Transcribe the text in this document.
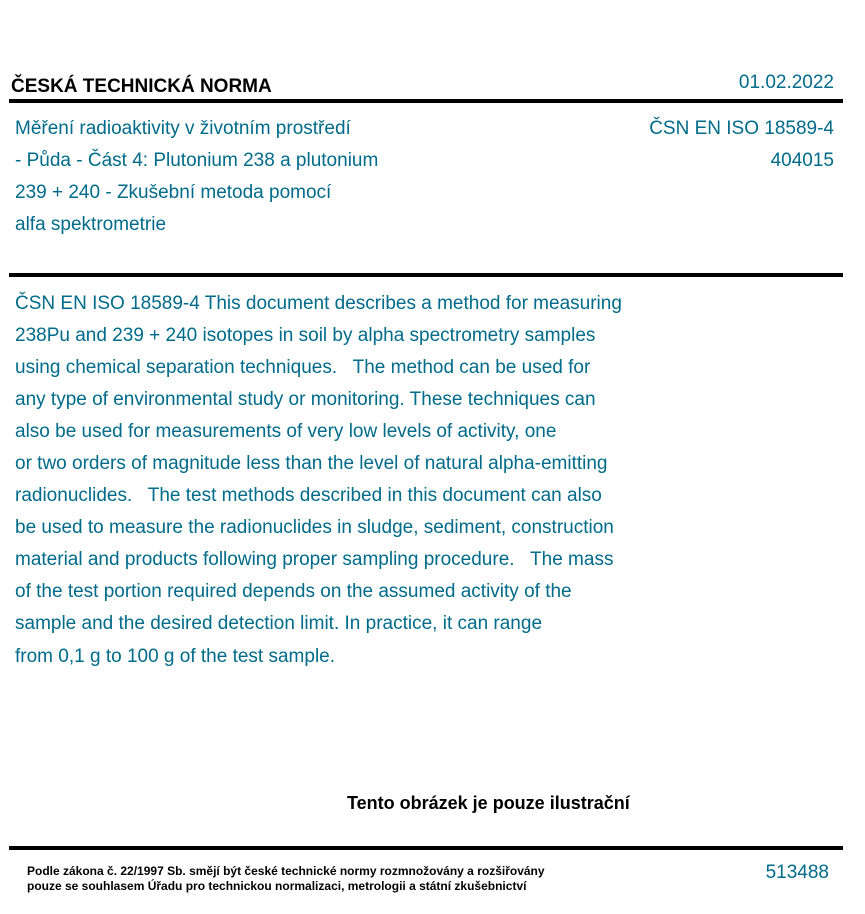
ČESKÁ TECHNICKÁ NORMA	01.02.2022
Měření radioaktivity v životním prostředí
- Půda - Část 4: Plutonium 238 a plutonium
239 + 240 - Zkušební metoda pomocí
alfa spektrometrie
ČSN EN ISO 18589-4
404015
ČSN EN ISO 18589-4 This document describes a method for measuring
238Pu and 239 + 240 isotopes in soil by alpha spectrometry samples
using chemical separation techniques.   The method can be used for
any type of environmental study or monitoring. These techniques can
also be used for measurements of very low levels of activity, one
or two orders of magnitude less than the level of natural alpha-emitting
radionuclides.   The test methods described in this document can also
be used to measure the radionuclides in sludge, sediment, construction
material and products following proper sampling procedure.   The mass
of the test portion required depends on the assumed activity of the
sample and the desired detection limit. In practice, it can range
from 0,1 g to 100 g of the test sample.
Tento obrázek je pouze ilustrační
Podle zákona č. 22/1997 Sb. smějí být české technické normy rozmnožovány a rozšiřovány
pouze se souhlasem Úřadu pro technickou normalizaci, metrologii a státní zkušebnictví
513488
